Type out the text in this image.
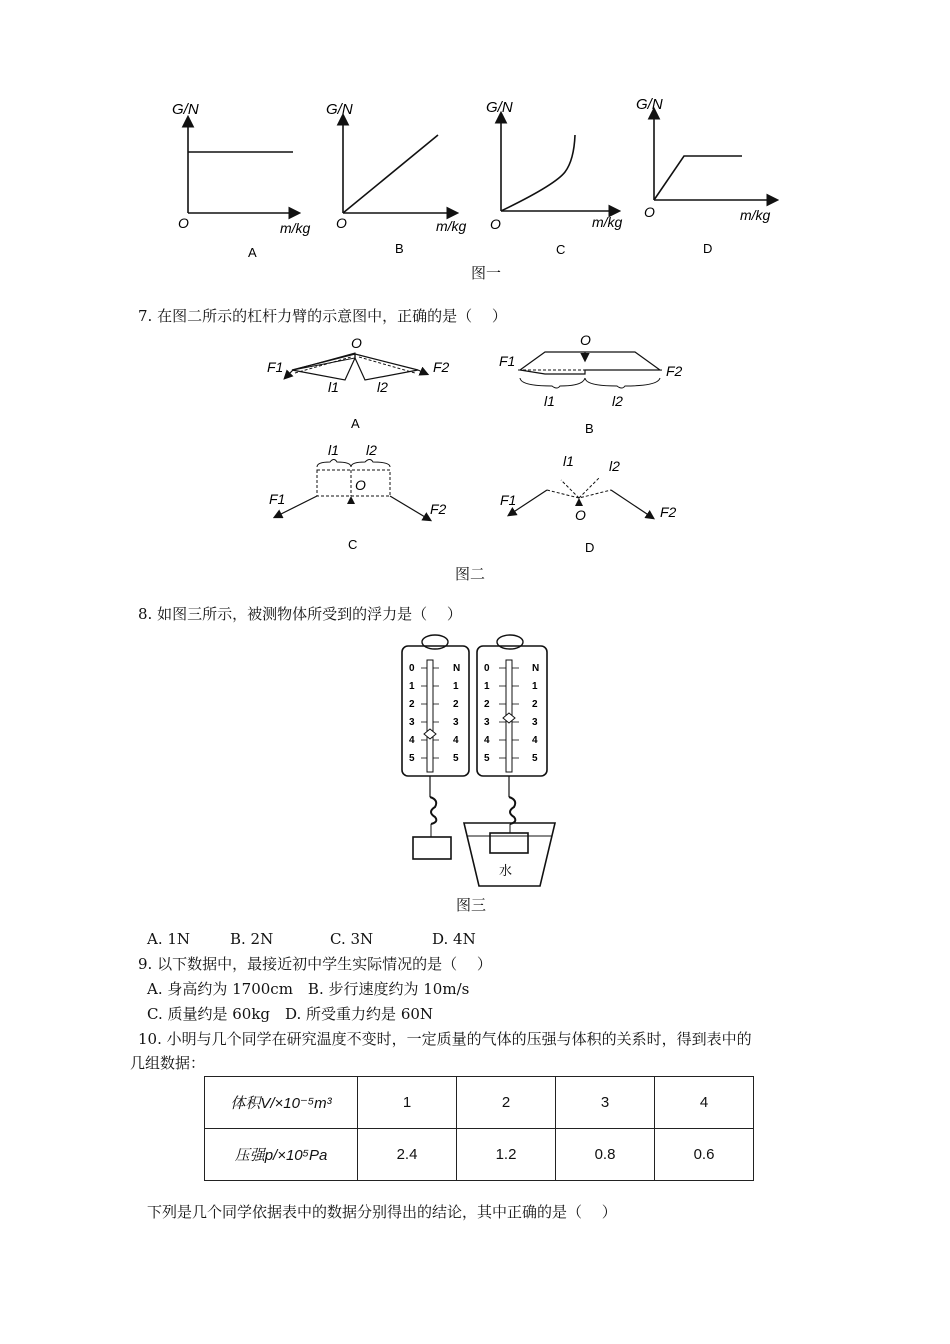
G/N
O	m/kg
A
G/N
O	m/kg
B
G/N
O	m/kg
C
G/N
O	m/kg
D
图一
7. 在图二所示的杠杆力臂的示意图中，正确的是（　 ）
O
F1	F2
l1	l2
A
O
F1
F2
l1	l2
B
O
F1
F2
l1 l2
C
O
F1
F2
l1	l2
D
图二
8. 如图三所示，被测物体所受到的浮力是（　 ）
0
1
2
3
4
5
N
1
2
3
4
5
水
0
1
2
3
4
5
N
1
2
3
4
5
图三
A. 1N	B. 2N	C. 3N	D. 4N
9. 以下数据中，最接近初中学生实际情况的是（　 ）
A. 身高约为 1700cm　B. 步行速度约为 10m/s
C. 质量约是 60kg　D. 所受重力约是 60N
10. 小明与几个同学在研究温度不变时，一定质量的气体的压强与体积的关系时，得到表中的
几组数据：
体积V/×10⁻⁵m³	1	2	3	4
压强p/×10⁵Pa	2.4	1.2	0.8	0.6
下列是几个同学依据表中的数据分别得出的结论，其中正确的是（　 ）
